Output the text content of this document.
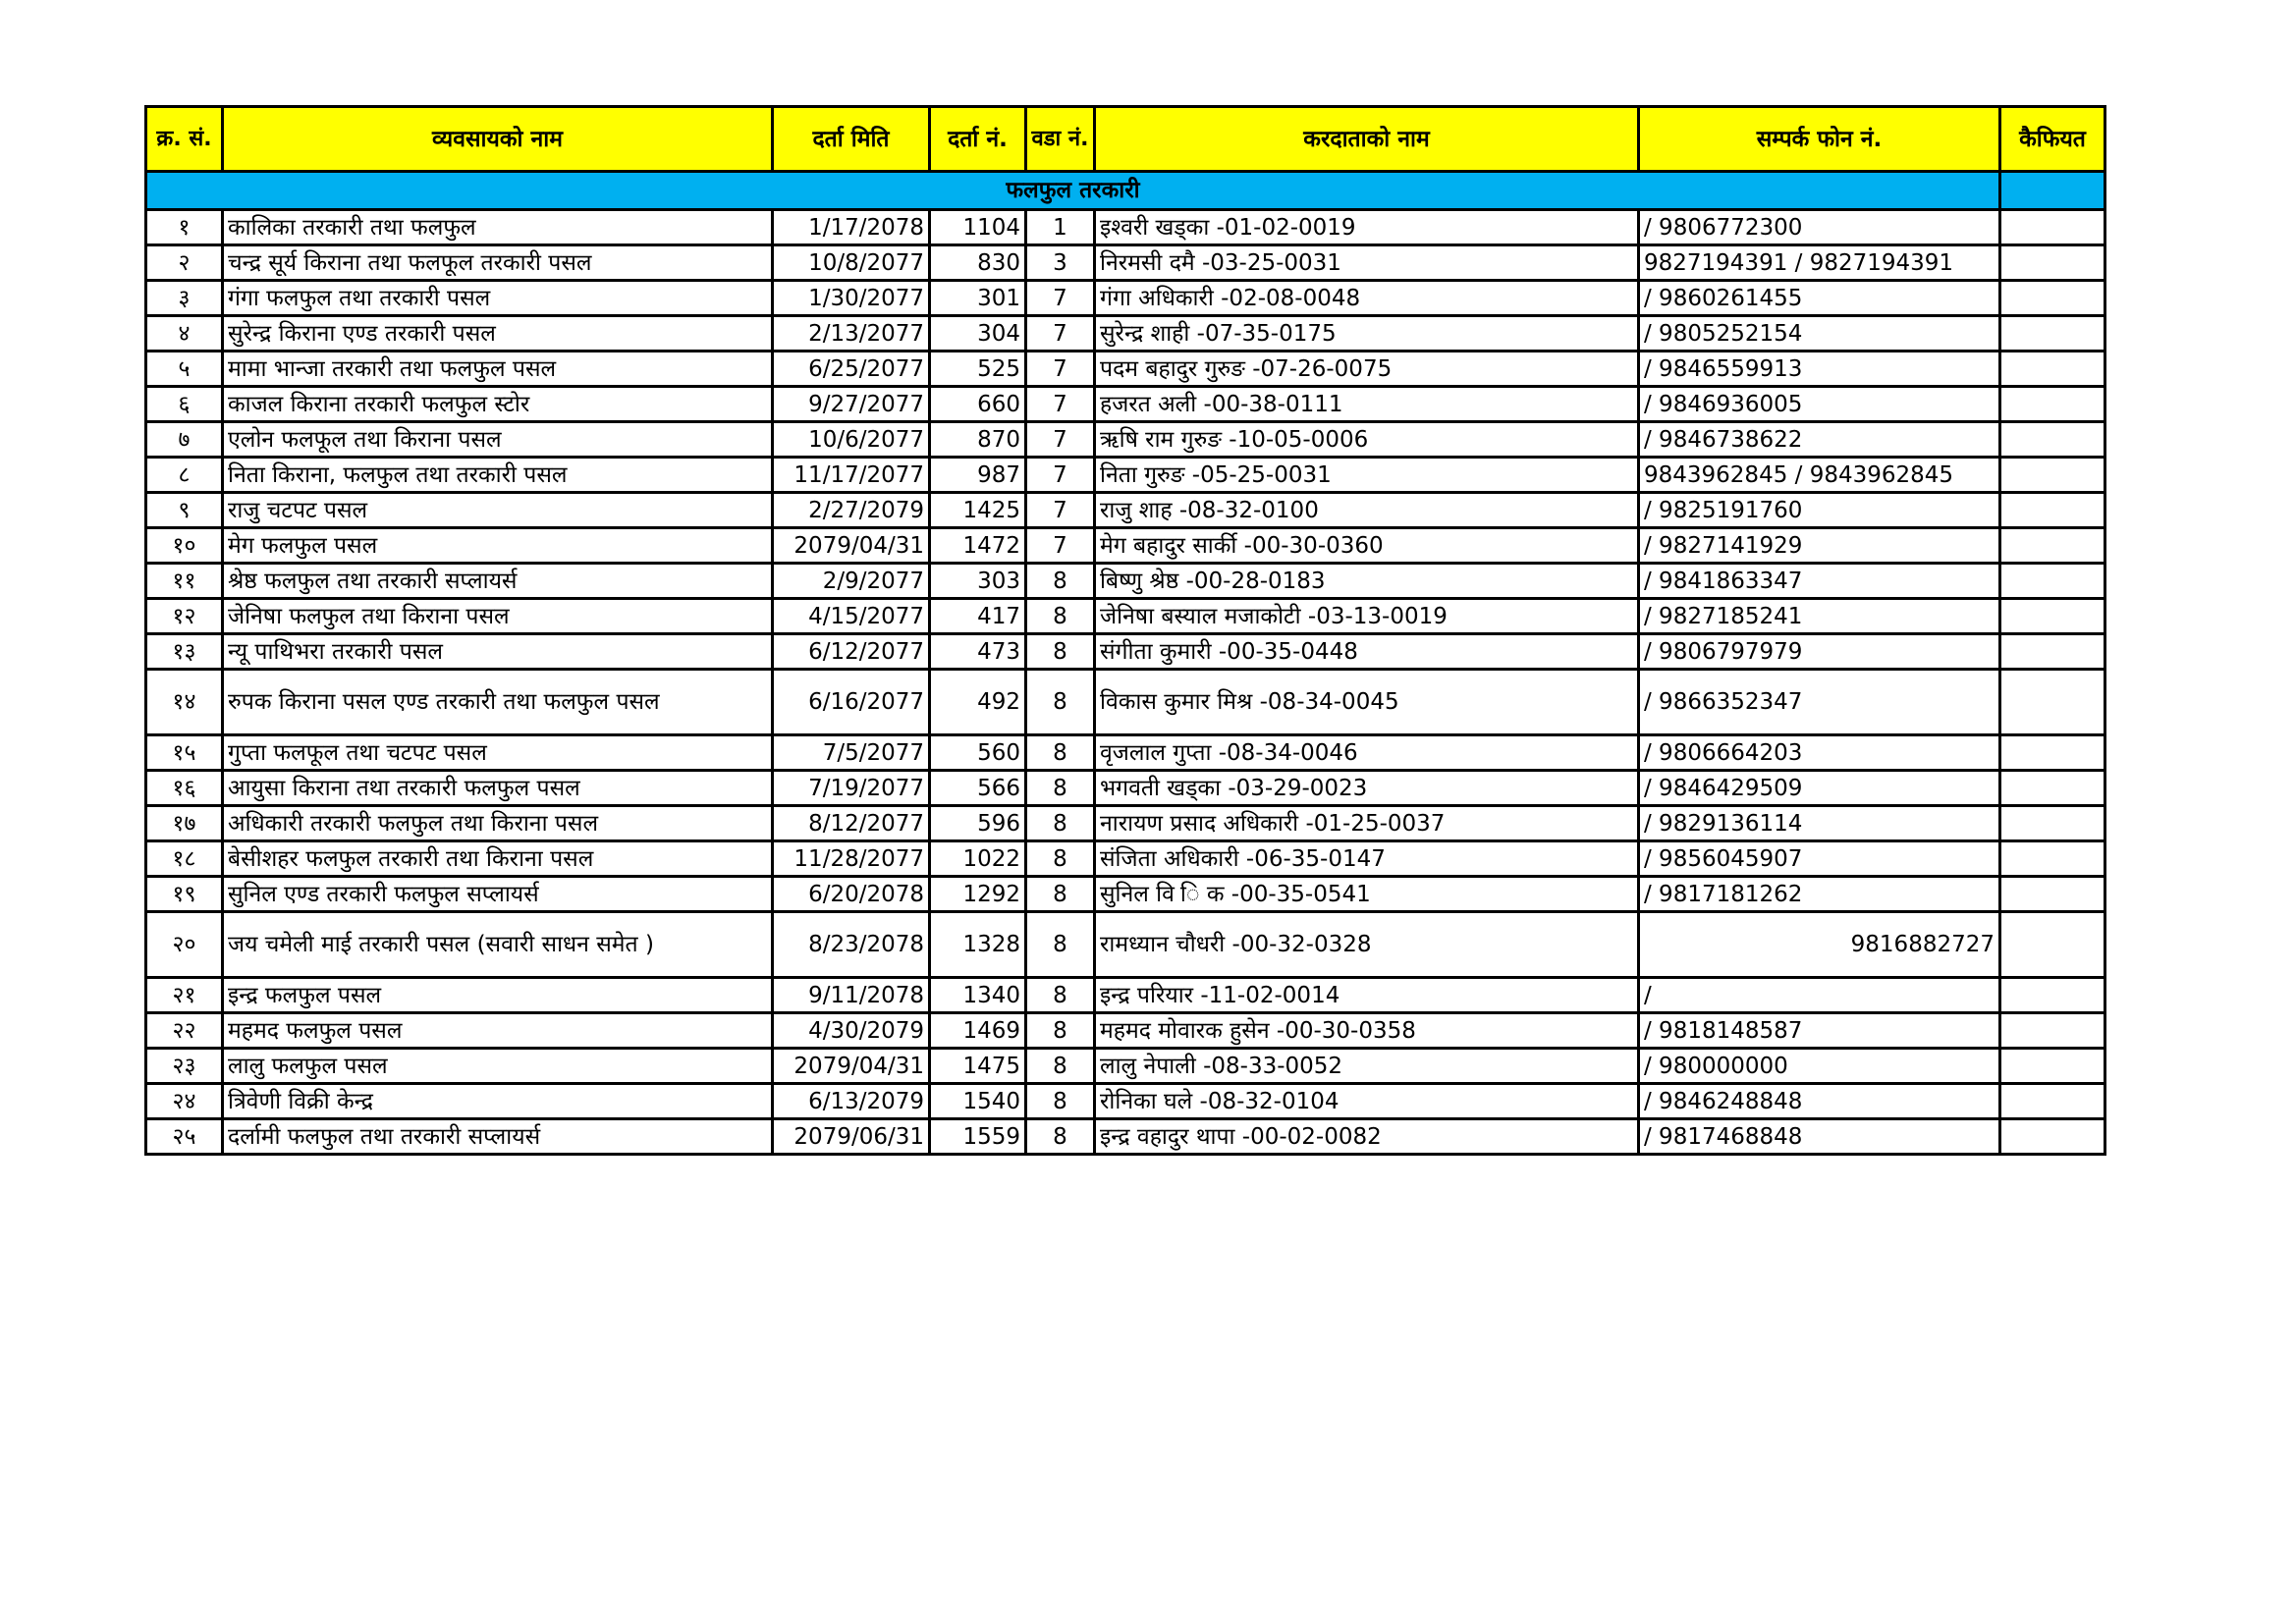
क्र. सं.	व्यवसायको नाम	दर्ता मिति	दर्ता नं.	वडा नं.	करदाताको नाम	सम्पर्क फोन नं.	कैफियत
फलफुल तरकारी							
१	कालिका तरकारी तथा फलफुल	1/17/2078	1104	1	इश्वरी खड्का -01-02-0019	/ 9806772300	
२	चन्द्र सूर्य किराना तथा फलफूल तरकारी पसल	10/8/2077	830	3	निरमसी दमै -03-25-0031	9827194391 / 9827194391	
३	गंगा फलफुल तथा तरकारी पसल	1/30/2077	301	7	गंगा अधिकारी -02-08-0048	/ 9860261455	
४	सुरेन्द्र किराना एण्ड तरकारी पसल	2/13/2077	304	7	सुरेन्द्र शाही -07-35-0175	/ 9805252154	
५	मामा भान्जा तरकारी तथा फलफुल पसल	6/25/2077	525	7	पदम बहादुर गुरुङ -07-26-0075	/ 9846559913	
६	काजल किराना तरकारी फलफुल स्टोर	9/27/2077	660	7	हजरत अली -00-38-0111	/ 9846936005	
७	एलोन फलफूल तथा किराना पसल	10/6/2077	870	7	ऋषि राम गुरुङ -10-05-0006	/ 9846738622	
८	निता किराना, फलफुल तथा तरकारी पसल	11/17/2077	987	7	निता गुरुङ -05-25-0031	9843962845 / 9843962845	
९	राजु चटपट पसल	2/27/2079	1425	7	राजु शाह -08-32-0100	/ 9825191760	
१०	मेग फलफुल पसल	2079/04/31	1472	7	मेग बहादुर सार्की -00-30-0360	/ 9827141929	
११	श्रेष्ठ फलफुल तथा तरकारी सप्लायर्स	2/9/2077	303	8	बिष्णु श्रेष्ठ -00-28-0183	/ 9841863347	
१२	जेनिषा फलफुल तथा किराना पसल	4/15/2077	417	8	जेनिषा बस्याल मजाकोटी -03-13-0019	/ 9827185241	
१३	न्यू पाथिभरा तरकारी पसल	6/12/2077	473	8	संगीता कुमारी -00-35-0448	/ 9806797979	
१४	रुपक किराना पसल एण्ड तरकारी तथा फलफुल पसल	6/16/2077	492	8	विकास कुमार मिश्र -08-34-0045	/ 9866352347	
१५	गुप्ता फलफूल तथा चटपट पसल	7/5/2077	560	8	वृजलाल गुप्ता -08-34-0046	/ 9806664203	
१६	आयुसा किराना तथा तरकारी फलफुल पसल	7/19/2077	566	8	भगवती खड्का -03-29-0023	/ 9846429509	
१७	अधिकारी तरकारी फलफुल तथा किराना पसल	8/12/2077	596	8	नारायण प्रसाद अधिकारी -01-25-0037	/ 9829136114	
१८	बेसीशहर फलफुल तरकारी तथा किराना पसल	11/28/2077	1022	8	संजिता अधिकारी -06-35-0147	/ 9856045907	
१९	सुनिल एण्ड तरकारी फलफुल सप्लायर्स	6/20/2078	1292	8	सुनिल वि ि क -00-35-0541	/ 9817181262	
२०	जय चमेली माई तरकारी पसल (सवारी साधन समेत )	8/23/2078	1328	8	रामध्यान चौधरी -00-32-0328	9816882727	
२१	इन्द्र फलफुल पसल	9/11/2078	1340	8	इन्द्र परियार -11-02-0014	/	
२२	महमद फलफुल पसल	4/30/2079	1469	8	महमद मोवारक हुसेन -00-30-0358	/ 9818148587	
२३	लालु फलफुल पसल	2079/04/31	1475	8	लालु नेपाली -08-33-0052	/ 980000000	
२४	त्रिवेणी विक्री केन्द्र	6/13/2079	1540	8	रोनिका घले -08-32-0104	/ 9846248848	
२५	दर्लामी फलफुल तथा तरकारी सप्लायर्स	2079/06/31	1559	8	इन्द्र वहादुर थापा -00-02-0082	/ 9817468848	
